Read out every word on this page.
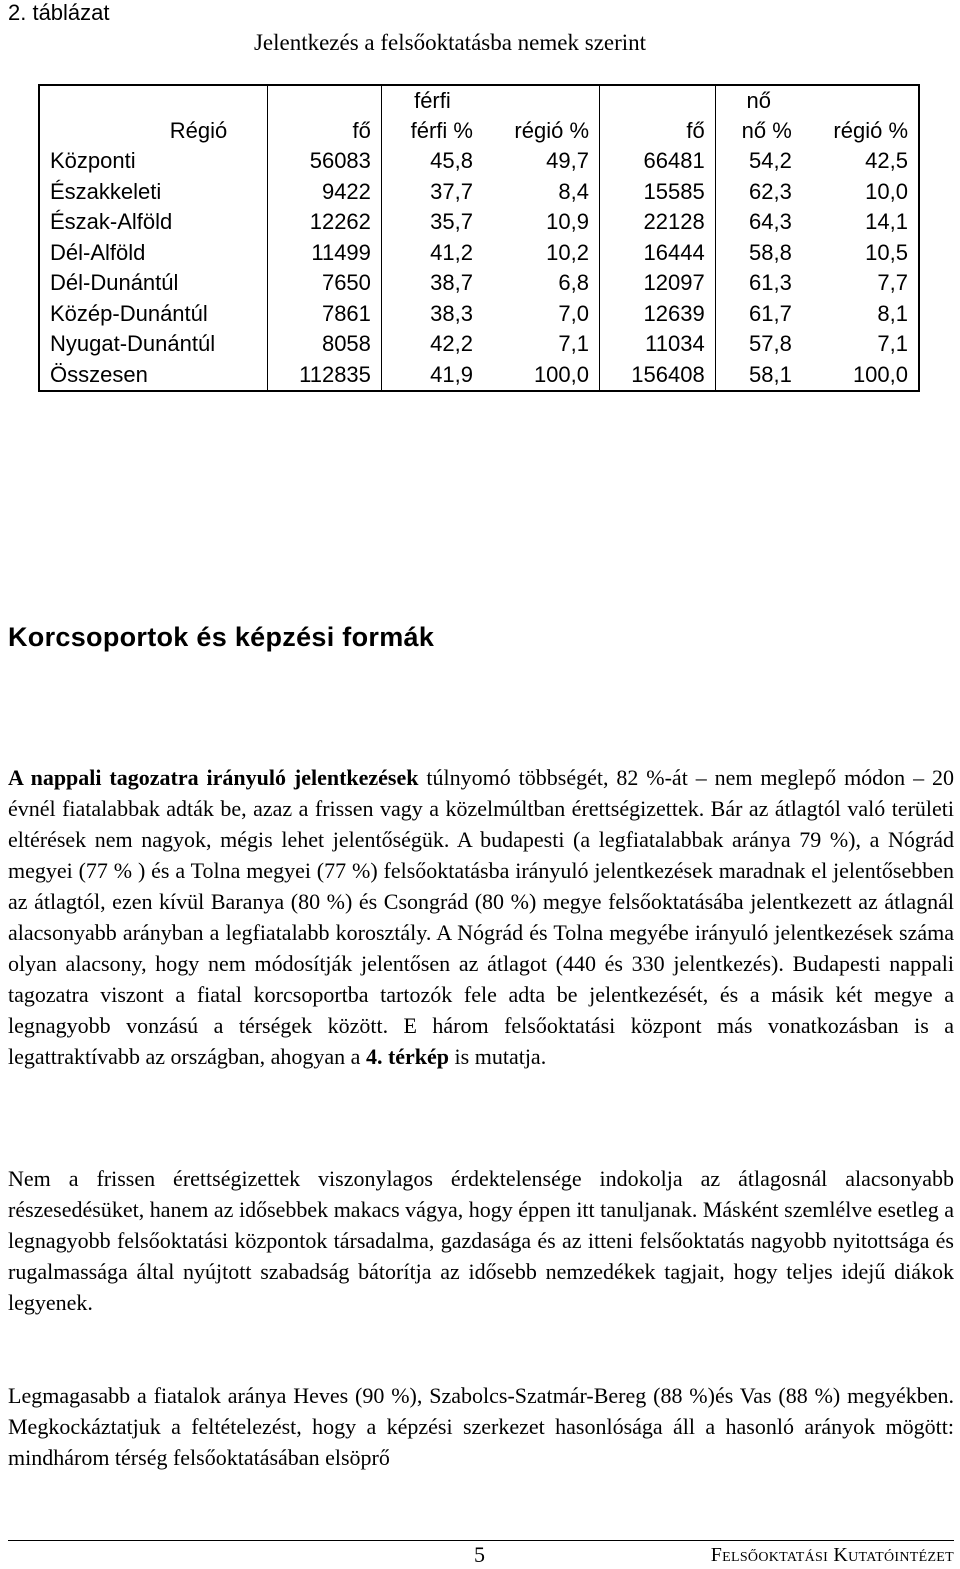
2. táblázat
Jelentkezés a felsőoktatásba nemek szerint
		férfi			nő	
Régió	fő	férfi %	régió %	fő	nő %	régió %
Központi	56083	45,8	49,7	66481	54,2	42,5
Északkeleti	9422	37,7	8,4	15585	62,3	10,0
Észak-Alföld	12262	35,7	10,9	22128	64,3	14,1
Dél-Alföld	11499	41,2	10,2	16444	58,8	10,5
Dél-Dunántúl	7650	38,7	6,8	12097	61,3	7,7
Közép-Dunántúl	7861	38,3	7,0	12639	61,7	8,1
Nyugat-Dunántúl	8058	42,2	7,1	11034	57,8	7,1
Összesen	112835	41,9	100,0	156408	58,1	100,0
Korcsoportok és képzési formák

A nappali tagozatra irányuló jelentkezések túlnyomó többségét, 82 %-át – nem meglepő módon – 20 évnél fiatalabbak adták be, azaz a frissen vagy a közelmúltban érettségizettek. Bár az átlagtól való területi eltérések nem nagyok, mégis lehet jelentőségük. A budapesti (a legfiatalabbak aránya 79 %), a Nógrád megyei (77 % ) és a Tolna megyei (77 %) felsőoktatásba irányuló jelentkezések maradnak el jelentősebben az átlagtól, ezen kívül Baranya (80 %) és Csongrád (80 %) megye felsőoktatásába jelentkezett az átlagnál alacsonyabb arányban a legfiatalabb korosztály. A Nógrád és Tolna megyébe irányuló jelentkezések száma olyan alacsony, hogy nem módosítják jelentősen az átlagot (440 és 330 jelentkezés). Budapesti nappali tagozatra viszont a fiatal korcsoportba tartozók fele adta be jelentkezését, és a másik két megye a legnagyobb vonzású a térségek között. E három felsőoktatási központ más vonatkozásban is a legattraktívabb az országban, ahogyan a 4. térkép is mutatja.

Nem a frissen érettségizettek viszonylagos érdektelensége indokolja az átlagosnál alacsonyabb részesedésüket, hanem az idősebbek makacs vágya, hogy éppen itt tanuljanak. Másként szemlélve esetleg a legnagyobb felsőoktatási központok társadalma, gazdasága és az itteni felsőoktatás nagyobb nyitottsága és rugalmassága által nyújtott szabadság bátorítja az idősebb nemzedékek tagjait, hogy teljes idejű diákok legyenek.

Legmagasabb a fiatalok aránya Heves (90 %), Szabolcs-Szatmár-Bereg (88 %)és Vas (88 %) megyékben. Megkockáztatjuk a feltételezést, hogy a képzési szerkezet hasonlósága áll a hasonló arányok mögött: mindhárom térség felsőoktatásában elsöprő

5	Felsőoktatási Kutatóintézet
